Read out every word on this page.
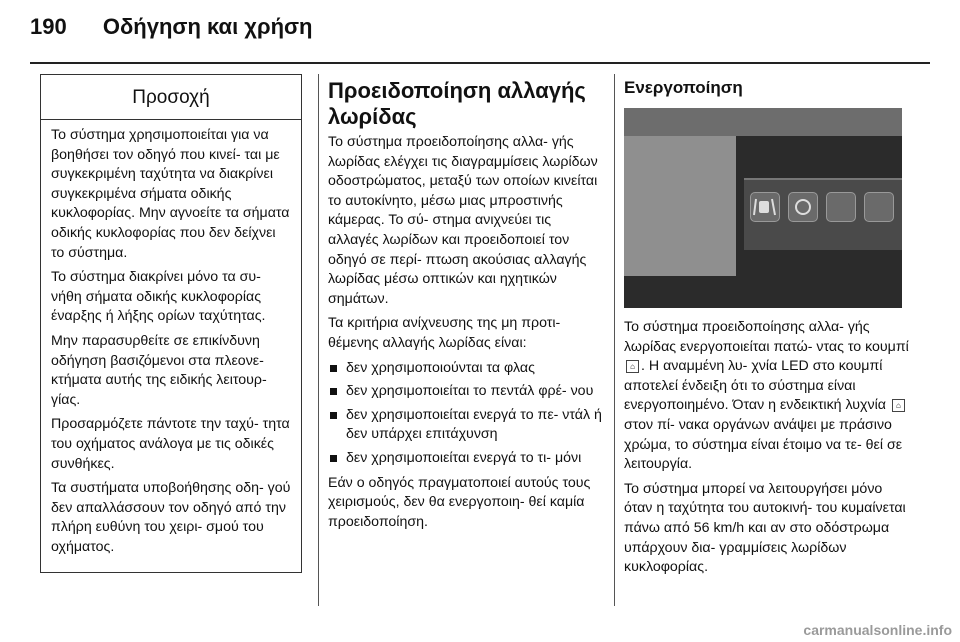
190 Οδήγηση και χρήση
Προσοχή

Το σύστημα χρησιμοποιείται για να βοηθήσει τον οδηγό που κινεί- ται με συγκεκριμένη ταχύτητα να διακρίνει συγκεκριμένα σήματα οδικής κυκλοφορίας. Μην αγνοείτε τα σήματα οδικής κυκλοφορίας που δεν δείχνει το σύστημα.

Το σύστημα διακρίνει μόνο τα συ- νήθη σήματα οδικής κυκλοφορίας έναρξης ή λήξης ορίων ταχύτητας.

Μην παρασυρθείτε σε επικίνδυνη οδήγηση βασιζόμενοι στα πλεονε- κτήματα αυτής της ειδικής λειτουρ- γίας.

Προσαρμόζετε πάντοτε την ταχύ- τητα του οχήματος ανάλογα με τις οδικές συνθήκες.

Τα συστήματα υποβοήθησης οδη- γού δεν απαλλάσσουν τον οδηγό από την πλήρη ευθύνη του χειρι- σμού του οχήματος.

Προειδοποίηση αλλαγής λωρίδας

Το σύστημα προειδοποίησης αλλα- γής λωρίδας ελέγχει τις διαγραμμίσεις λωρίδων οδοστρώματος, μεταξύ των οποίων κινείται το αυτοκίνητο, μέσω μιας μπροστινής κάμερας. Το σύ- στημα ανιχνεύει τις αλλαγές λωρίδων και προειδοποιεί τον οδηγό σε περί- πτωση ακούσιας αλλαγής λωρίδας μέσω οπτικών και ηχητικών σημάτων.

Τα κριτήρια ανίχνευσης της μη προτι- θέμενης αλλαγής λωρίδας είναι:

δεν χρησιμοποιούνται τα φλας
δεν χρησιμοποιείται το πεντάλ φρέ- νου
δεν χρησιμοποιείται ενεργά το πε- ντάλ ή δεν υπάρχει επιτάχυνση
δεν χρησιμοποιείται ενεργά το τι- μόνι

Εάν ο οδηγός πραγματοποιεί αυτούς τους χειρισμούς, δεν θα ενεργοποιη- θεί καμία προειδοποίηση.

Ενεργοποίηση

Το σύστημα προειδοποίησης αλλα- γής λωρίδας ενεργοποιείται πατώ- ντας το κουμπί ⌂ . Η αναμμένη λυ- χνία LED στο κουμπί αποτελεί ένδειξη ότι το σύστημα είναι ενεργοποιημένο. Όταν η ενδεικτική λυχνία ⌂ στον πί- νακα οργάνων ανάψει με πράσινο χρώμα, το σύστημα είναι έτοιμο να τε- θεί σε λειτουργία.

Το σύστημα μπορεί να λειτουργήσει μόνο όταν η ταχύτητα του αυτοκινή- του κυμαίνεται πάνω από 56 km/h και αν στο οδόστρωμα υπάρχουν δια- γραμμίσεις λωρίδων κυκλοφορίας.

carmanualsonline.info
